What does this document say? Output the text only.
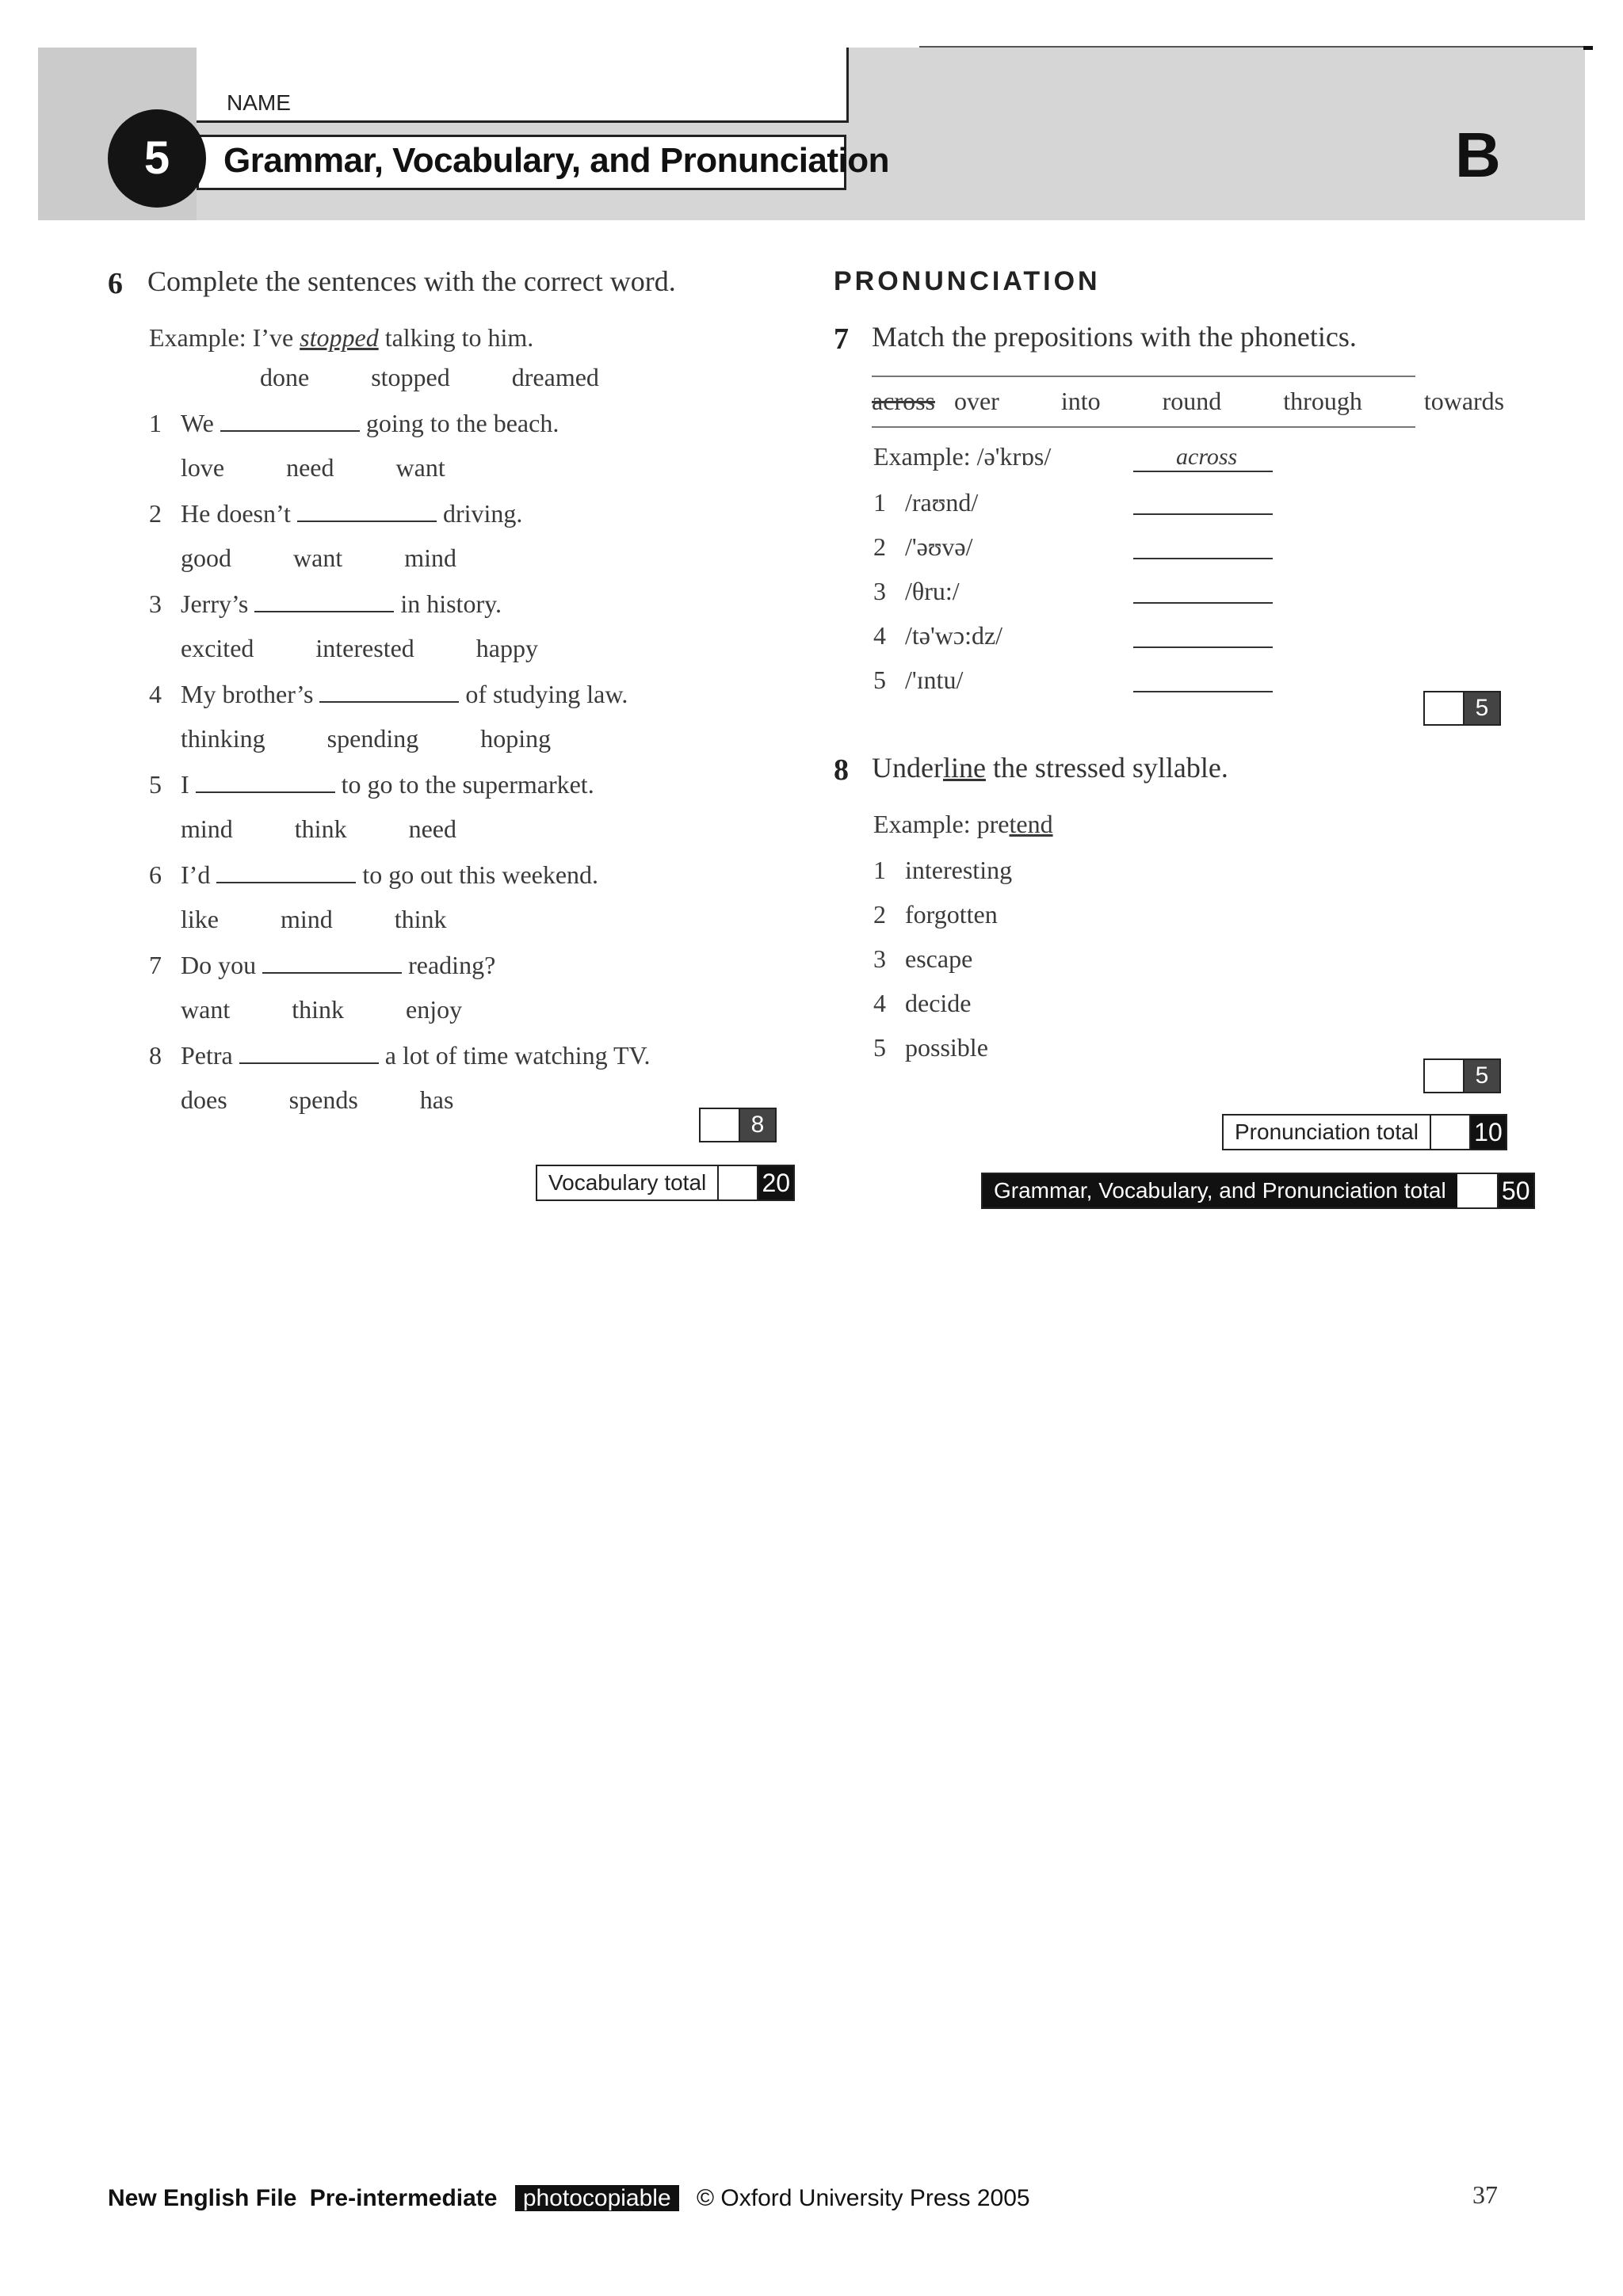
NAME
Grammar, Vocabulary, and Pronunciation
5	B
6 Complete the sentences with the correct word.
Example: I’ve stopped talking to him.
done   stopped   dreamed
1 We	going to the beach.
love   need   want
2 He doesn’t	driving.
good   want   mind
3 Jerry’s	in history.
excited   interested   happy
4 My brother’s	of studying law.
thinking   spending   hoping
5 I	to go to the supermarket.
mind   think   need
6 I’d	to go out this weekend.
like   mind   think
7 Do you	reading?
want   think   enjoy
8 Petra	a lot of time watching TV.
does   spends   has
8
Vocabulary total	20
PRONUNCIATION
7 Match the prepositions with the phonetics.
across over   into   round   through   towards
Example: /ə'krɒs/	across
1 /raʊnd/
2 /'əʊvə/
3 /θru:/
4 /tə'wɔ:dz/
5 /'ɪntu/
5
8 Underline the stressed syllable.
Example: pretend
1 interesting
2 forgotten
3 escape
4 decide
5 possible
5
Pronunciation total	10
Grammar, Vocabulary, and Pronunciation total	50
New English File Pre-intermediate photocopiable © Oxford University Press 2005	37
